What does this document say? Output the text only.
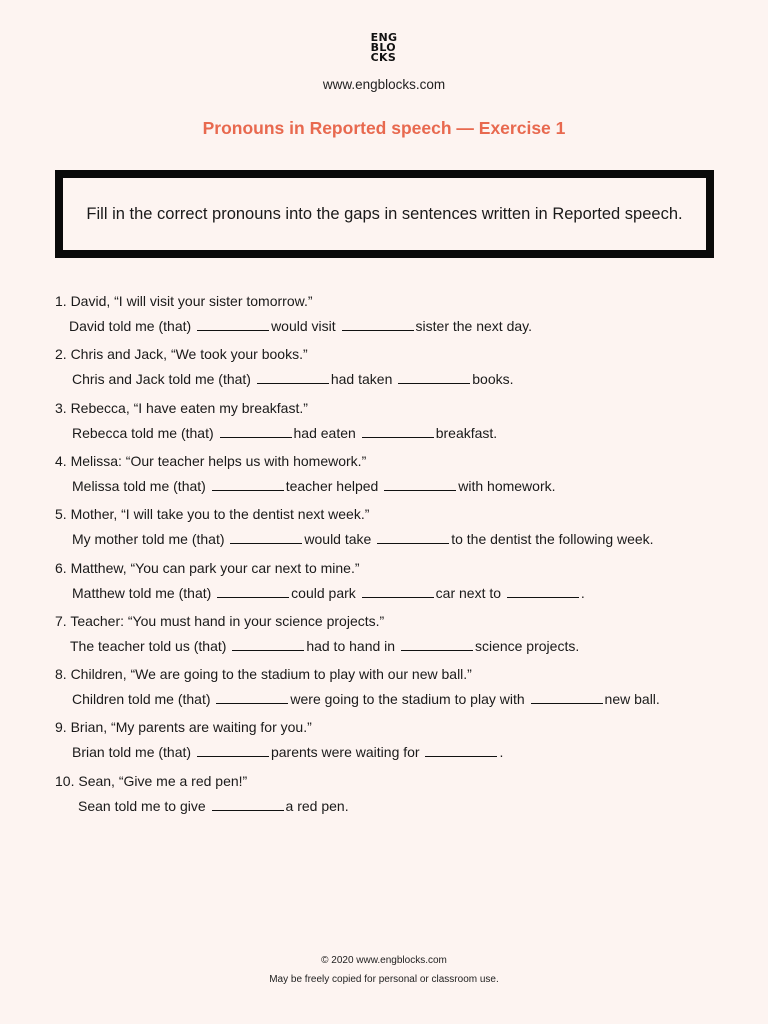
ENG
BLO
CKS
www.engblocks.com
Pronouns in Reported speech — Exercise 1
Fill in the correct pronouns into the gaps in sentences written in Reported speech.
1. David, “I will visit your sister tomorrow.”
David told me (that)	would visit	sister the next day.
2. Chris and Jack, “We took your books.”
Chris and Jack told me (that)	had taken	books.
3. Rebecca, “I have eaten my breakfast.”
Rebecca told me (that)	had eaten	breakfast.
4. Melissa: “Our teacher helps us with homework.”
Melissa told me (that)	teacher helped	with homework.
5. Mother, “I will take you to the dentist next week.”
My mother told me (that)	would take	to the dentist the following week.
6. Matthew, “You can park your car next to mine.”
Matthew told me (that)	could park	car next to	.
7. Teacher: “You must hand in your science projects.”
The teacher told us (that)	had to hand in	science projects.
8. Children, “We are going to the stadium to play with our new ball.”
Children told me (that)	were going to the stadium to play with	new ball.
9. Brian, “My parents are waiting for you.”
Brian told me (that)	parents were waiting for	.
10. Sean, “Give me a red pen!”
Sean told me to give	a red pen.
© 2020 www.engblocks.com
May be freely copied for personal or classroom use.
